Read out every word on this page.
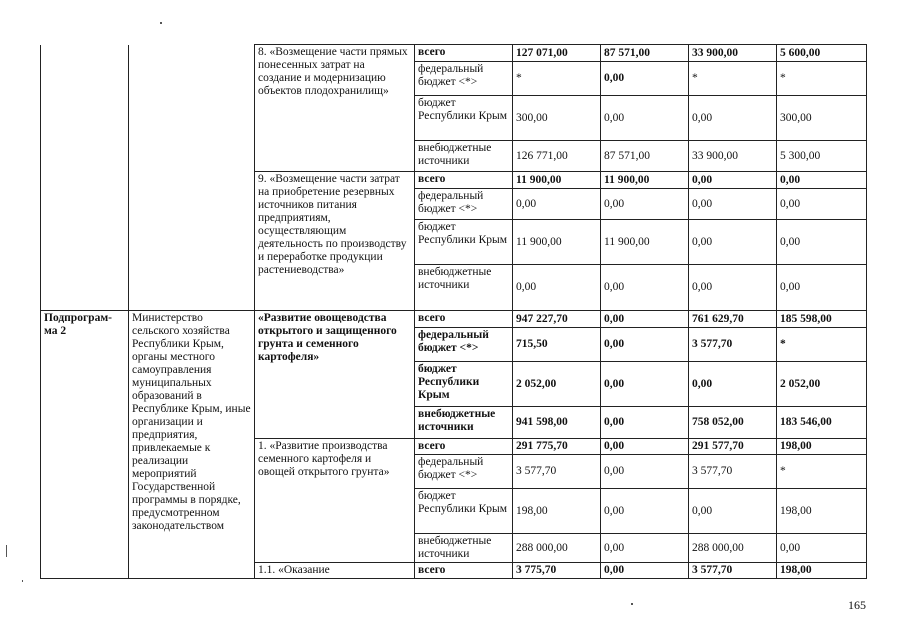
		8. «Возмещение части прямых понесенных затрат на создание и модернизацию объектов плодохранилищ»	всего	127 071,00	87 571,00	33 900,00	5 600,00
			федеральный бюджет <*>	*	0,00	*	*
			бюджет Республики Крым	300,00	0,00	0,00	300,00
			внебюджетные источники	126 771,00	87 571,00	33 900,00	5 300,00
		9. «Возмещение части затрат на приобретение резервных источников питания предприятиям, осуществляющим деятельность по производству и переработке продукции растениеводства»	всего	11 900,00	11 900,00	0,00	0,00
			федеральный бюджет <*>	0,00	0,00	0,00	0,00
			бюджет Республики Крым	11 900,00	11 900,00	0,00	0,00
			внебюджетные источники	0,00	0,00	0,00	0,00
Подпрограм-ма 2	Министерство сельского хозяйства Республики Крым, органы местного самоуправления муниципальных образований в Республике Крым, иные организации и предприятия, привлекаемые к реализации мероприятий Государственной программы в порядке, предусмотренном законодательством	«Развитие овощеводства открытого и защищенного грунта и семенного картофеля»	всего	947 227,70	0,00	761 629,70	185 598,00
			федеральный бюджет <*>	715,50	0,00	3 577,70	*
			бюджет Республики Крым	2 052,00	0,00	0,00	2 052,00
			внебюджетные источники	941 598,00	0,00	758 052,00	183 546,00
		1. «Развитие производства семенного картофеля и овощей открытого грунта»	всего	291 775,70	0,00	291 577,70	198,00
			федеральный бюджет <*>	3 577,70	0,00	3 577,70	*
			бюджет Республики Крым	198,00	0,00	0,00	198,00
			внебюджетные источники	288 000,00	0,00	288 000,00	0,00
		1.1. «Оказание	всего	3 775,70	0,00	3 577,70	198,00
165
